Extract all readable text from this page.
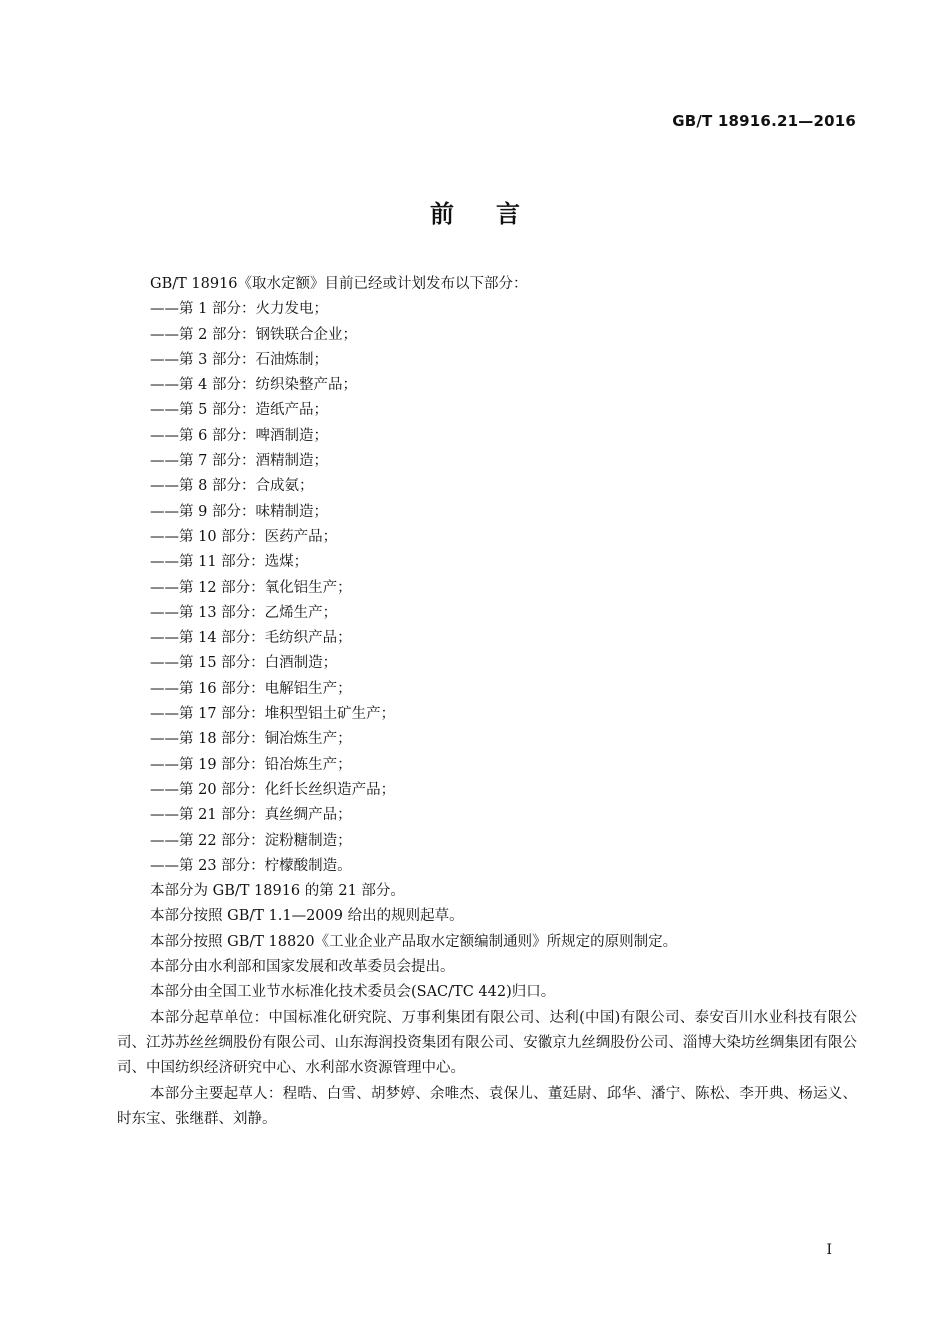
GB/T 18916.21—2016
前言

GB/T 18916《取水定额》目前已经或计划发布以下部分：

——第 1 部分：火力发电；

——第 2 部分：钢铁联合企业；

——第 3 部分：石油炼制；

——第 4 部分：纺织染整产品；

——第 5 部分：造纸产品；

——第 6 部分：啤酒制造；

——第 7 部分：酒精制造；

——第 8 部分：合成氨；

——第 9 部分：味精制造；

——第 10 部分：医药产品；

——第 11 部分：选煤；

——第 12 部分：氧化铝生产；

——第 13 部分：乙烯生产；

——第 14 部分：毛纺织产品；

——第 15 部分：白酒制造；

——第 16 部分：电解铝生产；

——第 17 部分：堆积型铝土矿生产；

——第 18 部分：铜冶炼生产；

——第 19 部分：铅冶炼生产；

——第 20 部分：化纤长丝织造产品；

——第 21 部分：真丝绸产品；

——第 22 部分：淀粉糖制造；

——第 23 部分：柠檬酸制造。

本部分为 GB/T 18916 的第 21 部分。

本部分按照 GB/T 1.1—2009 给出的规则起草。

本部分按照 GB/T 18820《工业企业产品取水定额编制通则》所规定的原则制定。

本部分由水利部和国家发展和改革委员会提出。

本部分由全国工业节水标准化技术委员会(SAC/TC 442)归口。

本部分起草单位：中国标准化研究院、万事利集团有限公司、达利(中国)有限公司、泰安百川水业科技有限公司、江苏苏丝丝绸股份有限公司、山东海润投资集团有限公司、安徽京九丝绸股份公司、淄博大染坊丝绸集团有限公司、中国纺织经济研究中心、水利部水资源管理中心。

本部分主要起草人：程晧、白雪、胡梦婷、余唯杰、袁保儿、董廷尉、邱华、潘宁、陈松、李开典、杨运义、时东宝、张继群、刘静。

I
